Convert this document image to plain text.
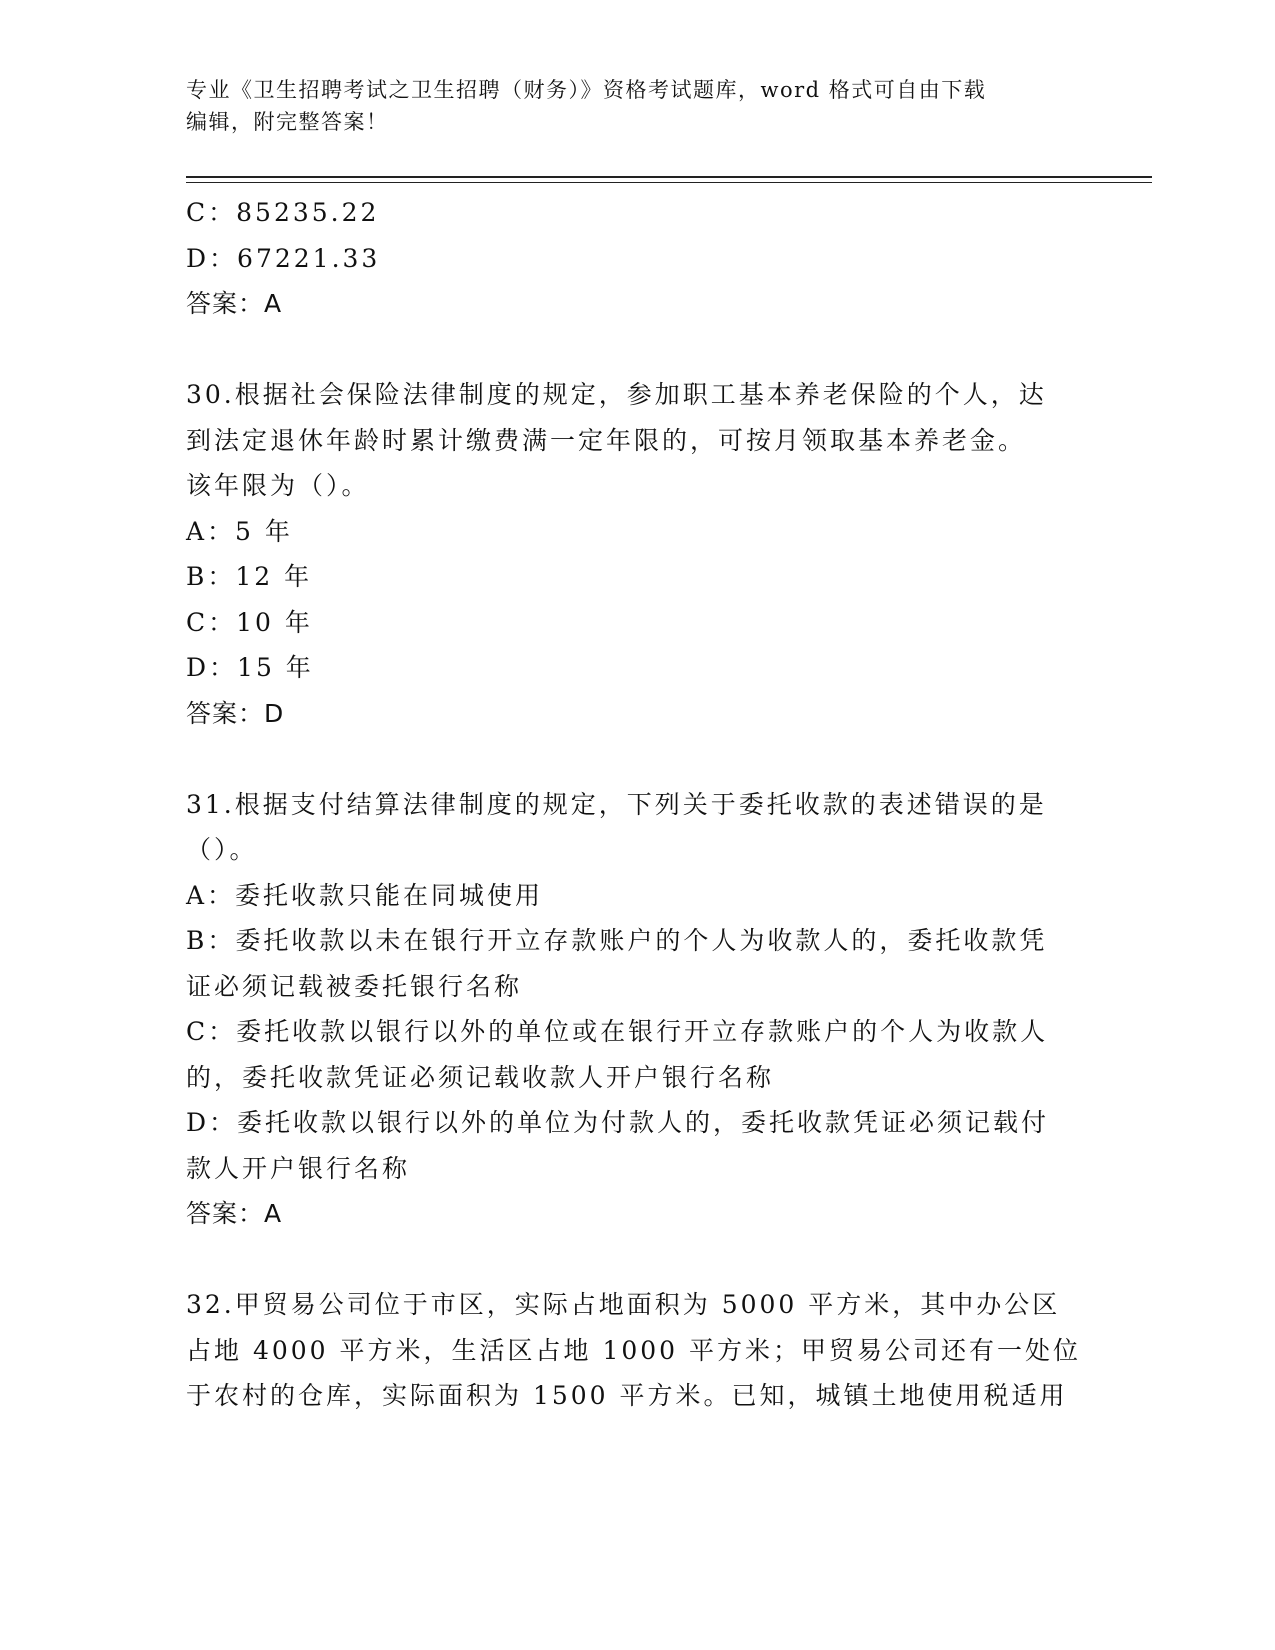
专业《卫生招聘考试之卫生招聘（财务）》资格考试题库，word 格式可自由下载
编辑，附完整答案！
C：85235.22
D：67221.33
答案：A
30.根据社会保险法律制度的规定，参加职工基本养老保险的个人，达
到法定退休年龄时累计缴费满一定年限的，可按月领取基本养老金。
该年限为（）。
A：5 年
B：12 年
C：10 年
D：15 年
答案：D
31.根据支付结算法律制度的规定，下列关于委托收款的表述错误的是
（）。
A：委托收款只能在同城使用
B：委托收款以未在银行开立存款账户的个人为收款人的，委托收款凭
证必须记载被委托银行名称
C：委托收款以银行以外的单位或在银行开立存款账户的个人为收款人
的，委托收款凭证必须记载收款人开户银行名称
D：委托收款以银行以外的单位为付款人的，委托收款凭证必须记载付
款人开户银行名称
答案：A
32.甲贸易公司位于市区，实际占地面积为 5000 平方米，其中办公区
占地 4000 平方米，生活区占地 1000 平方米；甲贸易公司还有一处位
于农村的仓库，实际面积为 1500 平方米。已知，城镇土地使用税适用
